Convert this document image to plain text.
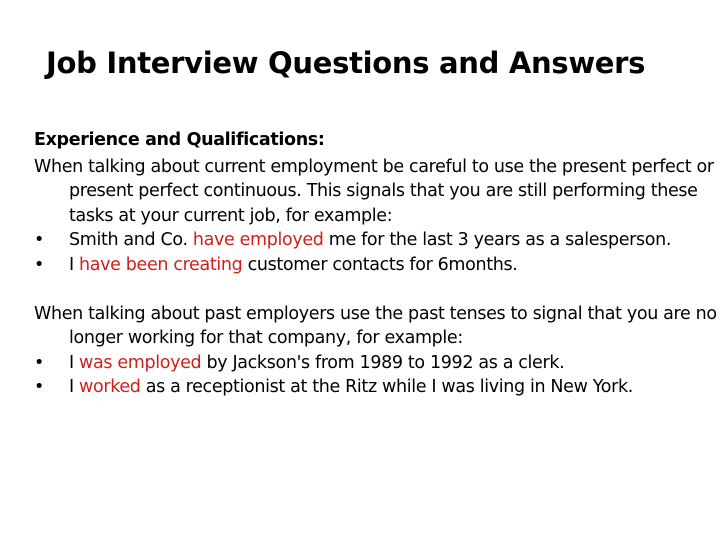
Job Interview Questions and Answers

Experience and Qualifications:

When talking about current employment be careful to use the present perfect or present perfect continuous. This signals that you are still performing these tasks at your current job, for example:

•	Smith and Co. have employed me for the last 3 years as a salesperson.

•	I have been creating customer contacts for 6months.

When talking about past employers use the past tenses to signal that you are no longer working for that company, for example:

•	I was employed by Jackson's from 1989 to 1992 as a clerk.

•	I worked as a receptionist at the Ritz while I was living in New York.
